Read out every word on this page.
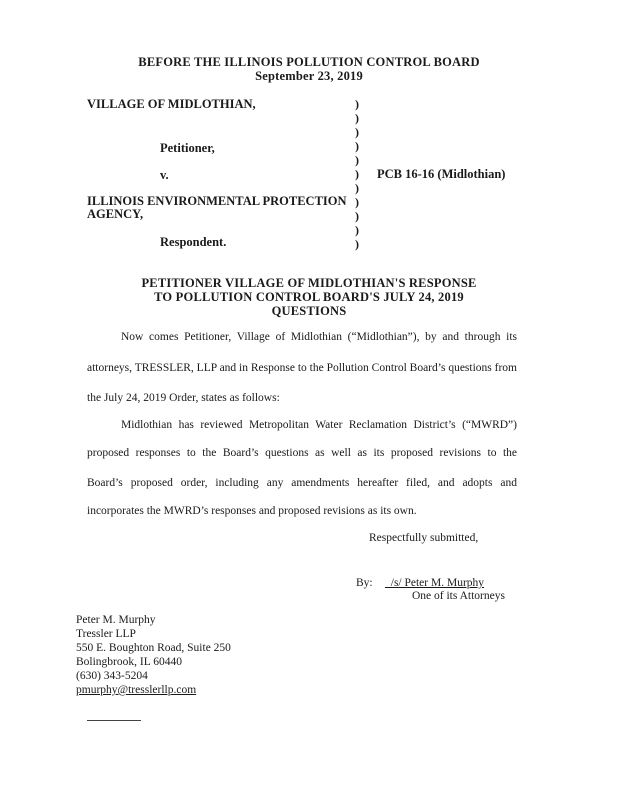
BEFORE THE ILLINOIS POLLUTION CONTROL BOARD
September 23, 2019
VILLAGE OF MIDLOTHIAN,
Petitioner,
v.
ILLINOIS ENVIRONMENTAL PROTECTION
AGENCY,
Respondent.
)
)
)
)
)
)
)
)
)
)
)
PCB 16-16 (Midlothian)
PETITIONER VILLAGE OF MIDLOTHIAN'S RESPONSE
TO POLLUTION CONTROL BOARD'S JULY 24, 2019
QUESTIONS
Now comes Petitioner, Village of Midlothian (“Midlothian”), by and through its
attorneys, TRESSLER, LLP and in Response to the Pollution Control Board’s questions from
the July 24, 2019 Order, states as follows:
Midlothian has reviewed Metropolitan Water Reclamation District’s (“MWRD”)
proposed responses to the Board’s questions as well as its proposed revisions to the
Board’s proposed order, including any amendments hereafter filed, and adopts and
incorporates the MWRD’s responses and proposed revisions as its own.
Respectfully submitted,
By: _/s/ Peter M. Murphy
One of its Attorneys
Peter M. Murphy
Tressler LLP
550 E. Boughton Road, Suite 250
Bolingbrook, IL 60440
(630) 343-5204
pmurphy@tresslerllp.com
